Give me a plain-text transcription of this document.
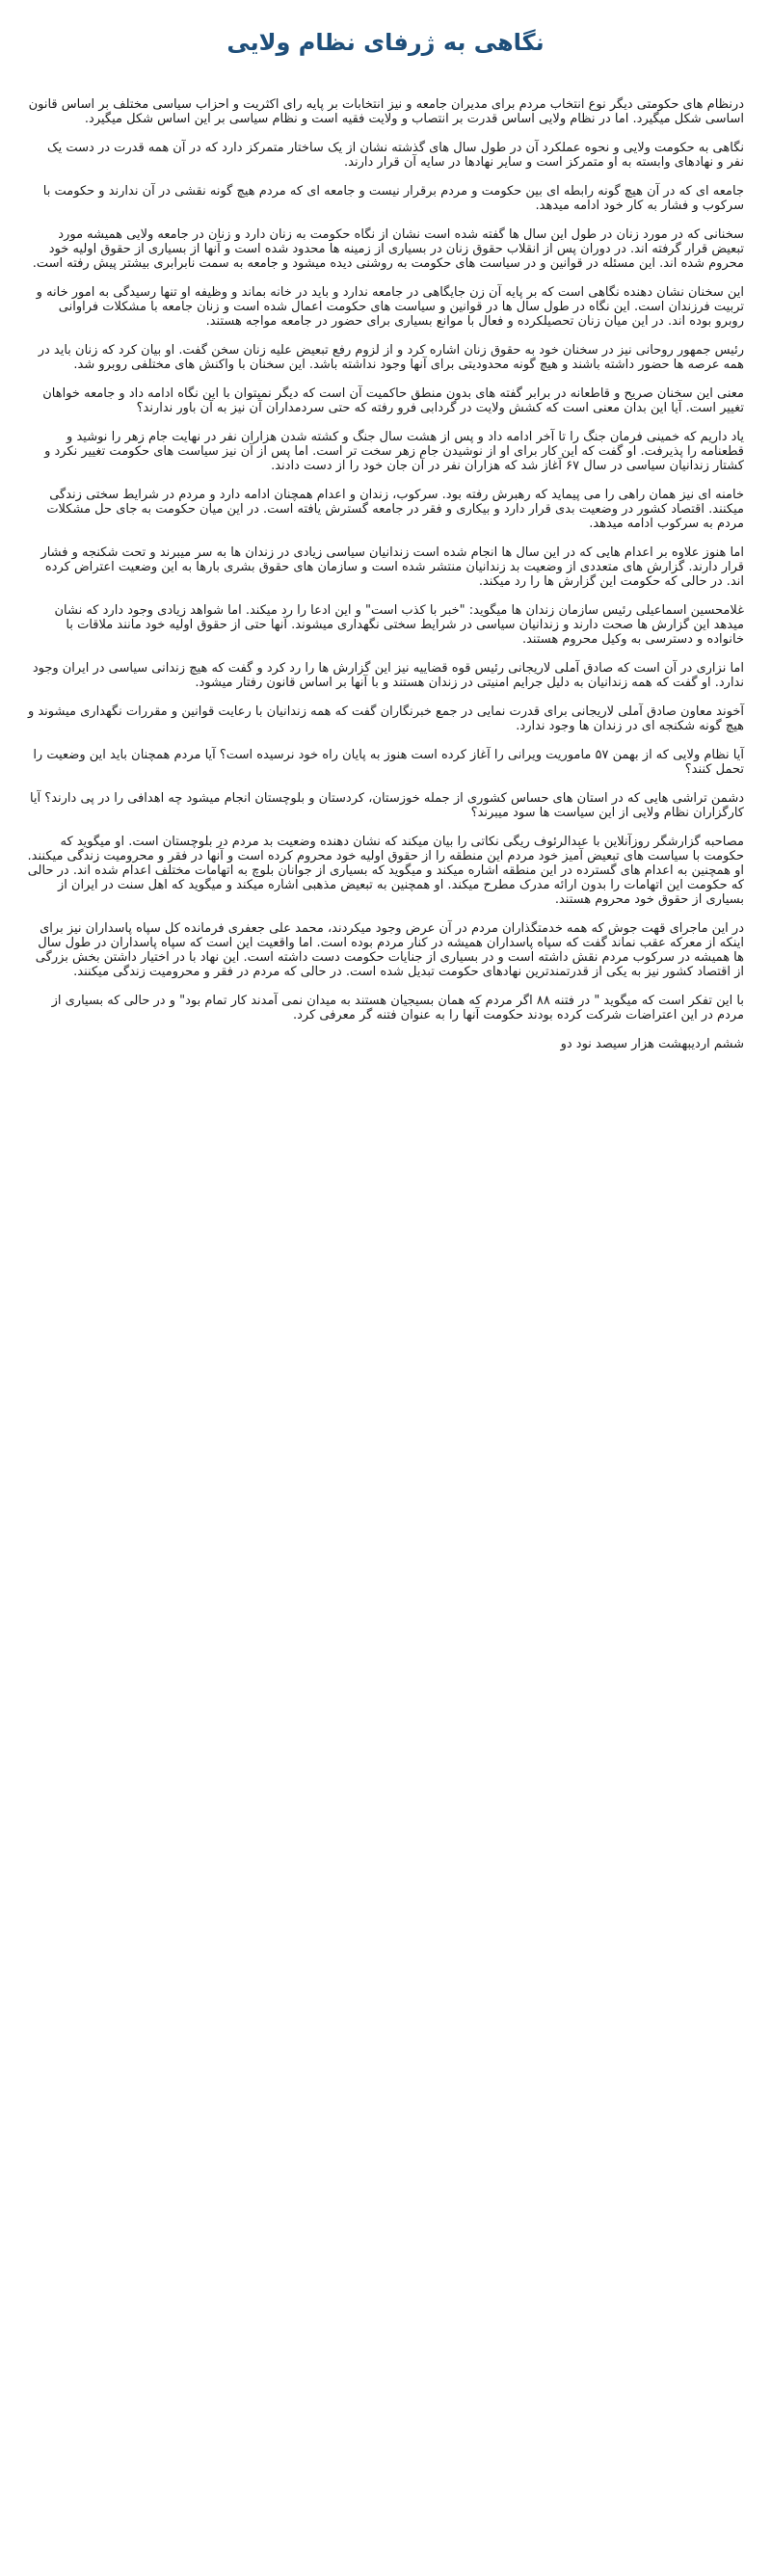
نگاهی به ژرفای نظام ولایی

درنظام های حکومتی دیگر نوع انتخاب مردم برای مدیران جامعه و نیز انتخابات بر پایه رای اکثریت و احزاب سیاسی مختلف بر اساس قانون اساسی شکل میگیرد. اما در نظام ولایی اساس قدرت بر انتصاب و ولایت فقیه است و نظام سیاسی بر این اساس شکل میگیرد.

نگاهی به حکومت ولایی و نحوه عملکرد آن در طول سال های گذشته نشان از یک ساختار متمرکز دارد که در آن همه قدرت در دست یک نفر و نهادهای وابسته به او متمرکز است و سایر نهادها در سایه آن قرار دارند.

جامعه ای که در آن هیچ گونه رابطه ای بین حکومت و مردم برقرار نیست و جامعه ای که مردم هیچ گونه نقشی در آن ندارند و حکومت با سرکوب و فشار به کار خود ادامه میدهد.

سخنانی که در مورد زنان در طول این سال ها گفته شده است نشان از نگاه حکومت به زنان دارد و زنان در جامعه ولایی همیشه مورد تبعیض قرار گرفته اند. در دوران پس از انقلاب حقوق زنان در بسیاری از زمینه ها محدود شده است و آنها از بسیاری از حقوق اولیه خود محروم شده اند. این مسئله در قوانین و در سیاست های حکومت به روشنی دیده میشود و جامعه به سمت نابرابری بیشتر پیش رفته است.

این سخنان نشان دهنده نگاهی است که بر پایه آن زن جایگاهی در جامعه ندارد و باید در خانه بماند و وظیفه او تنها رسیدگی به امور خانه و تربیت فرزندان است. این نگاه در طول سال ها در قوانین و سیاست های حکومت اعمال شده است و زنان جامعه با مشکلات فراوانی روبرو بوده اند. در این میان زنان تحصیلکرده و فعال با موانع بسیاری برای حضور در جامعه مواجه هستند.

رئیس جمهور روحانی نیز در سخنان خود به حقوق زنان اشاره کرد و از لزوم رفع تبعیض علیه زنان سخن گفت. او بیان کرد که زنان باید در همه عرصه ها حضور داشته باشند و هیچ گونه محدودیتی برای آنها وجود نداشته باشد. این سخنان با واکنش های مختلفی روبرو شد.

معنی این سخنان صریح و قاطعانه در برابر گفته های بدون منطق حاکمیت آن است که دیگر نمیتوان با این نگاه ادامه داد و جامعه خواهان تغییر است. آیا این بدان معنی است که کشش ولایت در گردابی فرو رفته که حتی سردمداران آن نیز به آن باور ندارند؟

یاد داریم که خمینی فرمان جنگ را تا آخر ادامه داد و پس از هشت سال جنگ و کشته شدن هزاران نفر در نهایت جام زهر را نوشید و قطعنامه را پذیرفت. او گفت که این کار برای او از نوشیدن جام زهر سخت تر است. اما پس از آن نیز سیاست های حکومت تغییر نکرد و کشتار زندانیان سیاسی در سال ۶۷ آغاز شد که هزاران نفر در آن جان خود را از دست دادند.

خامنه ای نیز همان راهی را می پیماید که رهبرش رفته بود. سرکوب، زندان و اعدام همچنان ادامه دارد و مردم در شرایط سختی زندگی میکنند. اقتصاد کشور در وضعیت بدی قرار دارد و بیکاری و فقر در جامعه گسترش یافته است. در این میان حکومت به جای حل مشکلات مردم به سرکوب ادامه میدهد.

اما هنوز علاوه بر اعدام هایی که در این سال ها انجام شده است زندانیان سیاسی زیادی در زندان ها به سر میبرند و تحت شکنجه و فشار قرار دارند. گزارش های متعددی از وضعیت بد زندانیان منتشر شده است و سازمان های حقوق بشری بارها به این وضعیت اعتراض کرده اند. در حالی که حکومت این گزارش ها را رد میکند.

غلامحسین اسماعیلی رئیس سازمان زندان ها میگوید: "خبر با کذب است" و این ادعا را رد میکند. اما شواهد زیادی وجود دارد که نشان میدهد این گزارش ها صحت دارند و زندانیان سیاسی در شرایط سختی نگهداری میشوند. آنها حتی از حقوق اولیه خود مانند ملاقات با خانواده و دسترسی به وکیل محروم هستند.

اما نزاری در آن است که صادق آملی لاریجانی رئیس قوه قضاییه نیز این گزارش ها را رد کرد و گفت که هیچ زندانی سیاسی در ایران وجود ندارد. او گفت که همه زندانیان به دلیل جرایم امنیتی در زندان هستند و با آنها بر اساس قانون رفتار میشود.

آخوند معاون صادق آملی لاریجانی برای قدرت نمایی در جمع خبرنگاران گفت که همه زندانیان با رعایت قوانین و مقررات نگهداری میشوند و هیچ گونه شکنجه ای در زندان ها وجود ندارد.

آیا نظام ولایی که از بهمن ۵۷ ماموریت ویرانی را آغاز کرده است هنوز به پایان راه خود نرسیده است؟ آیا مردم همچنان باید این وضعیت را تحمل کنند؟

دشمن تراشی هایی که در استان های حساس کشوری از جمله خوزستان، کردستان و بلوچستان انجام میشود چه اهدافی را در پی دارند؟ آیا کارگزاران نظام ولایی از این سیاست ها سود میبرند؟

مصاحبه گزارشگر روزآنلاین با عبدالرئوف ریگی نکاتی را بیان میکند که نشان دهنده وضعیت بد مردم در بلوچستان است. او میگوید که حکومت با سیاست های تبعیض آمیز خود مردم این منطقه را از حقوق اولیه خود محروم کرده است و آنها در فقر و محرومیت زندگی میکنند. او همچنین به اعدام های گسترده در این منطقه اشاره میکند و میگوید که بسیاری از جوانان بلوچ به اتهامات مختلف اعدام شده اند. در حالی که حکومت این اتهامات را بدون ارائه مدرک مطرح میکند. او همچنین به تبعیض مذهبی اشاره میکند و میگوید که اهل سنت در ایران از بسیاری از حقوق خود محروم هستند.

در این ماجرای قهت جوش که همه خدمتگذاران مردم در آن عرض وجود میکردند، محمد علی جعفری فرمانده کل سپاه پاسداران نیز برای اینکه از معرکه عقب نماند گفت که سپاه پاسداران همیشه در کنار مردم بوده است. اما واقعیت این است که سپاه پاسداران در طول سال ها همیشه در سرکوب مردم نقش داشته است و در بسیاری از جنایات حکومت دست داشته است. این نهاد با در اختیار داشتن بخش بزرگی از اقتصاد کشور نیز به یکی از قدرتمندترین نهادهای حکومت تبدیل شده است. در حالی که مردم در فقر و محرومیت زندگی میکنند.

با این تفکر است که میگوید " در فتنه ۸۸ اگر مردم که همان بسیجیان هستند به میدان نمی آمدند کار تمام بود" و در حالی که بسیاری از مردم در این اعتراضات شرکت کرده بودند حکومت آنها را به عنوان فتنه گر معرفی کرد.

ششم اردیبهشت هزار سیصد نود دو
